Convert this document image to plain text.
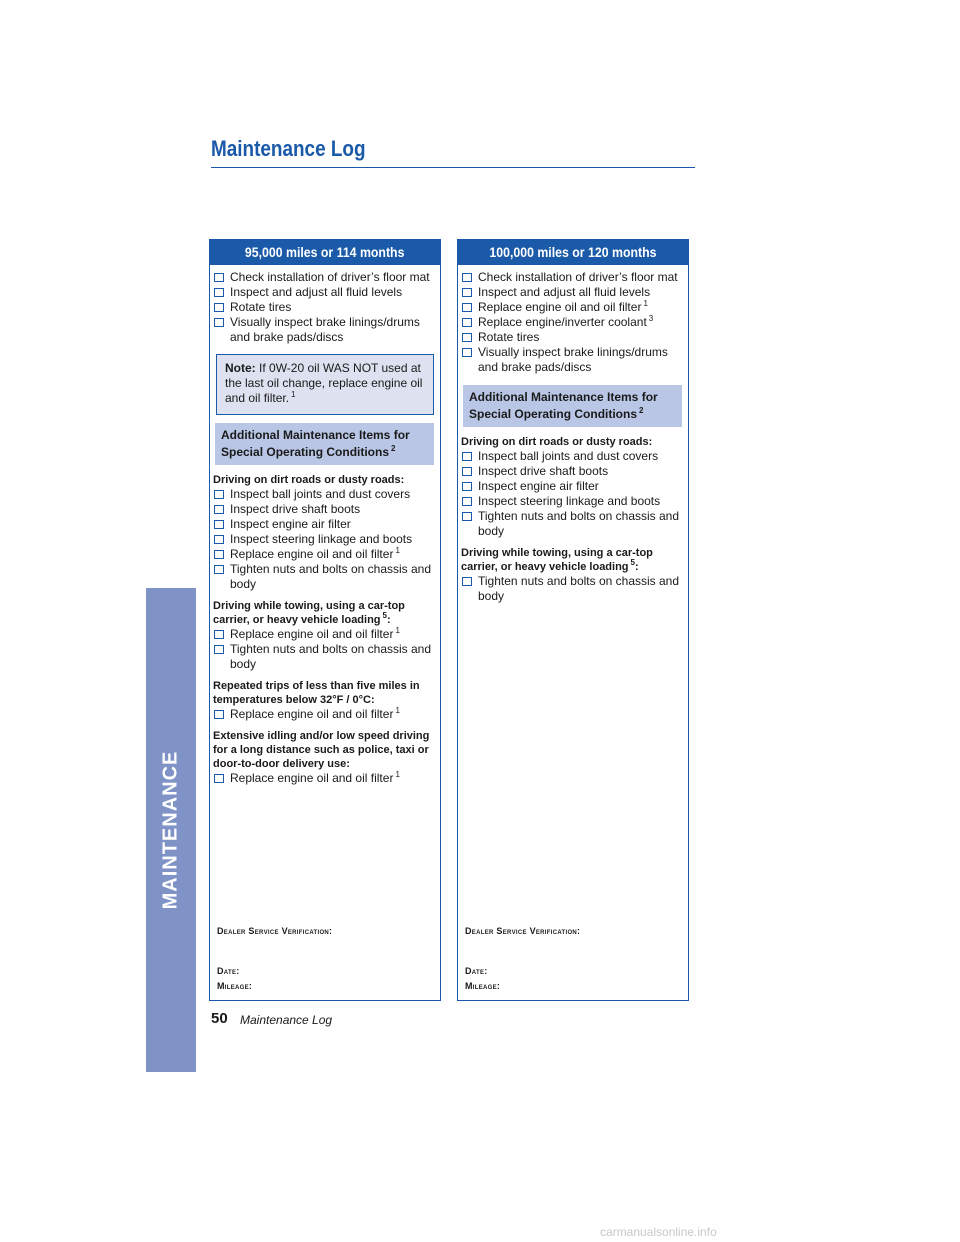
Maintenance Log
MAINTENANCE
95,000 miles or 114 months
Check installation of driver’s floor mat
Inspect and adjust all fluid levels
Rotate tires
Visually inspect brake linings/drums and brake pads/discs
Note: If 0W-20 oil WAS NOT used at the last oil change, replace engine oil and oil filter. $^1$
Additional Maintenance Items for Special Operating Conditions $^2$
Driving on dirt roads or dusty roads:
Inspect ball joints and dust covers
Inspect drive shaft boots
Inspect engine air filter
Inspect steering linkage and boots
Replace engine oil and oil filter $^1$
Tighten nuts and bolts on chassis and body
Driving while towing, using a car-top carrier, or heavy vehicle loading $^5$:
Replace engine oil and oil filter $^1$
Tighten nuts and bolts on chassis and body
Repeated trips of less than five miles in temperatures below 32°F / 0°C:
Replace engine oil and oil filter $^1$
Extensive idling and/or low speed driving for a long distance such as police, taxi or door-to-door delivery use:
Replace engine oil and oil filter $^1$
Dealer Service Verification:
Date:
Mileage:
100,000 miles or 120 months
Check installation of driver’s floor mat
Inspect and adjust all fluid levels
Replace engine oil and oil filter $^1$
Replace engine/inverter coolant $^3$
Rotate tires
Visually inspect brake linings/drums and brake pads/discs
Additional Maintenance Items for Special Operating Conditions $^2$
Driving on dirt roads or dusty roads:
Inspect ball joints and dust covers
Inspect drive shaft boots
Inspect engine air filter
Inspect steering linkage and boots
Tighten nuts and bolts on chassis and body
Driving while towing, using a car-top carrier, or heavy vehicle loading $^5$:
Tighten nuts and bolts on chassis and body
Dealer Service Verification:
Date:
Mileage:
50 Maintenance Log
carmanualsonline.info
